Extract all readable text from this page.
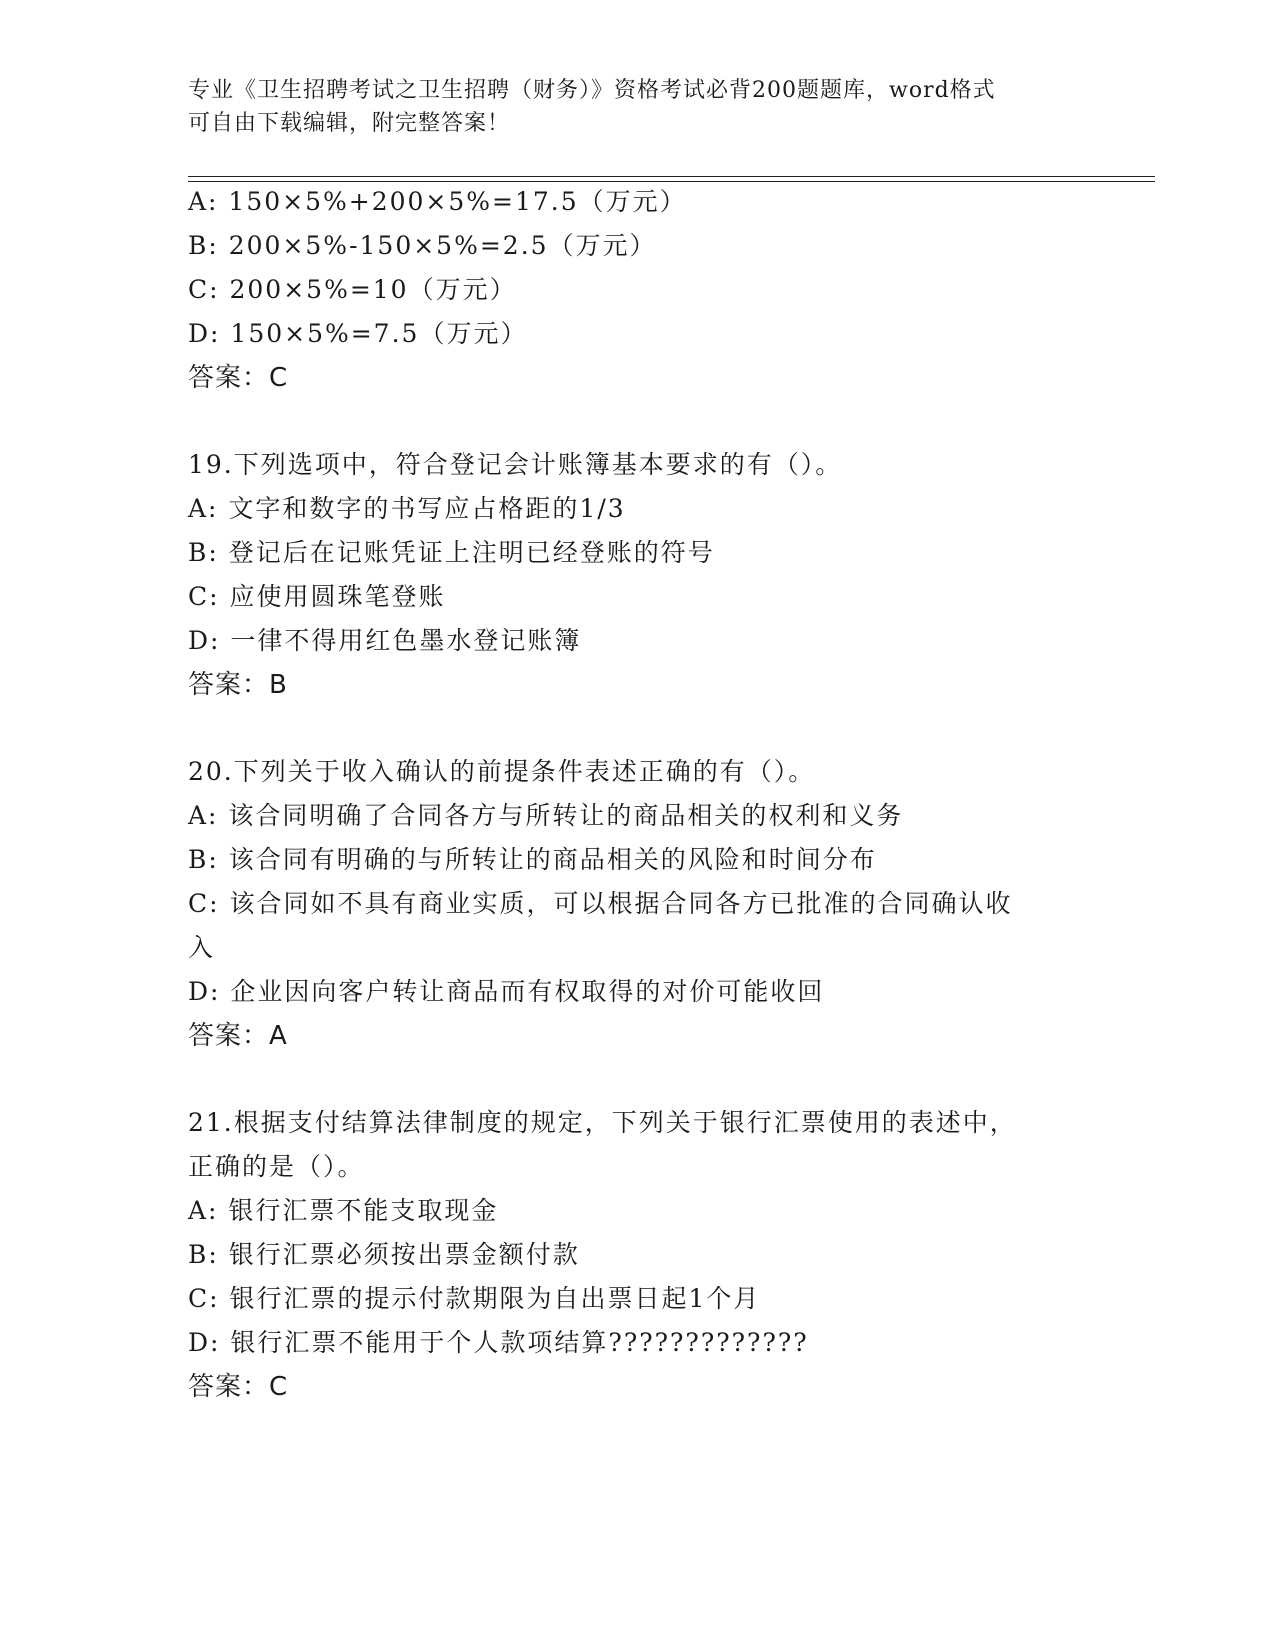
专业《卫生招聘考试之卫生招聘（财务）》资格考试必背200题题库，word格式
可自由下载编辑，附完整答案！
A: 150×5%+200×5%=17.5（万元）
B: 200×5%-150×5%=2.5（万元）
C: 200×5%=10（万元）
D: 150×5%=7.5（万元）
答案：C
19.下列选项中，符合登记会计账簿基本要求的有（）。
A: 文字和数字的书写应占格距的1/3
B: 登记后在记账凭证上注明已经登账的符号
C: 应使用圆珠笔登账
D: 一律不得用红色墨水登记账簿
答案：B
20.下列关于收入确认的前提条件表述正确的有（）。
A: 该合同明确了合同各方与所转让的商品相关的权利和义务
B: 该合同有明确的与所转让的商品相关的风险和时间分布
C: 该合同如不具有商业实质，可以根据合同各方已批准的合同确认收
入
D: 企业因向客户转让商品而有权取得的对价可能收回
答案：A
21.根据支付结算法律制度的规定，下列关于银行汇票使用的表述中，
正确的是（）。
A: 银行汇票不能支取现金
B: 银行汇票必须按出票金额付款
C: 银行汇票的提示付款期限为自出票日起1个月
D: 银行汇票不能用于个人款项结算?????????????
答案：C
